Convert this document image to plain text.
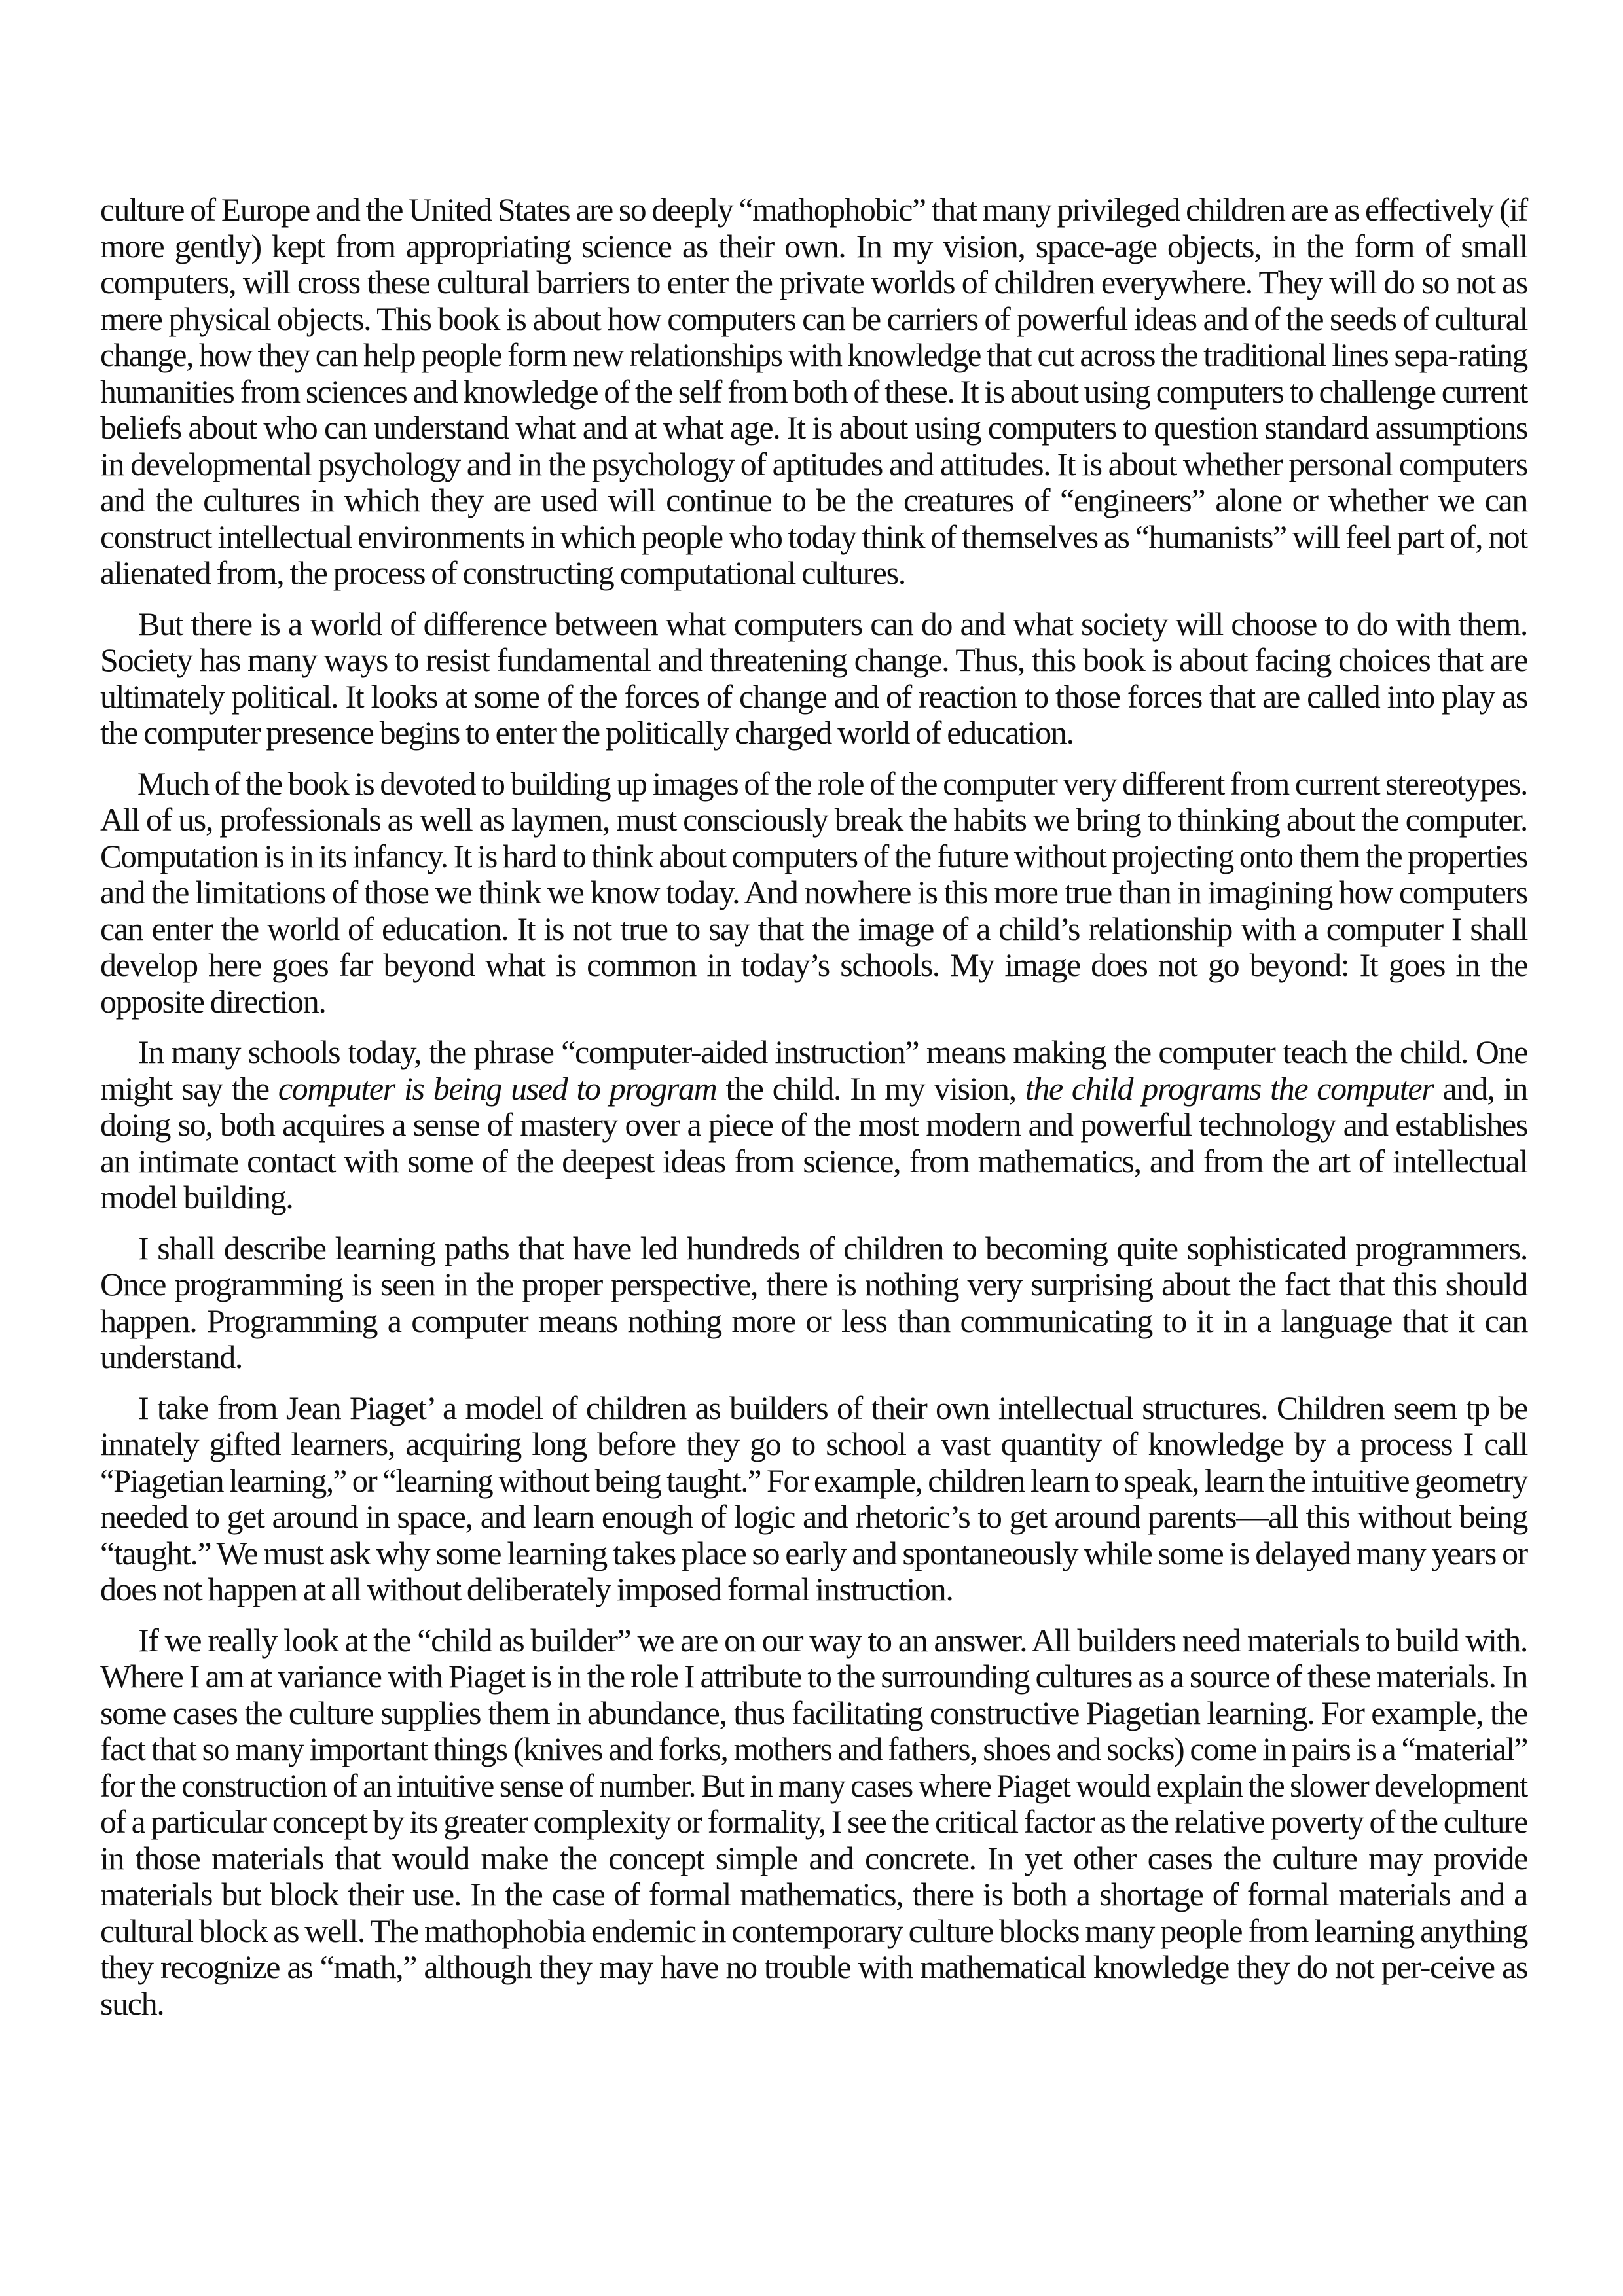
culture of Europe and the United States are so deeply “mathophobic” that many privileged children are as effectively (if
more gently) kept from appropriating science as their own. In my vision, space-age objects, in the form of small
computers, will cross these cultural barriers to enter the private worlds of children everywhere. They will do so not as
mere physical objects. This book is about how computers can be carriers of powerful ideas and of the seeds of cultural
change, how they can help people form new relationships with knowledge that cut across the traditional lines sepa-rating
humanities from sciences and knowledge of the self from both of these. It is about using computers to challenge current
beliefs about who can understand what and at what age. It is about using computers to question standard assumptions
in developmental psychology and in the psychology of aptitudes and attitudes. It is about whether personal computers
and the cultures in which they are used will continue to be the creatures of “engineers” alone or whether we can
construct intellectual environments in which people who today think of themselves as “humanists” will feel part of, not
alienated from, the process of constructing computational cultures.
But there is a world of difference between what computers can do and what society will choose to do with them.
Society has many ways to resist fundamental and threatening change. Thus, this book is about facing choices that are
ultimately political. It looks at some of the forces of change and of reaction to those forces that are called into play as
the computer presence begins to enter the politically charged world of education.
Much of the book is devoted to building up images of the role of the computer very different from current stereotypes.
All of us, professionals as well as laymen, must consciously break the habits we bring to thinking about the computer.
Computation is in its infancy. It is hard to think about computers of the future without projecting onto them the properties
and the limitations of those we think we know today. And nowhere is this more true than in imagining how computers
can enter the world of education. It is not true to say that the image of a child’s relationship with a computer I shall
develop here goes far beyond what is common in today’s schools. My image does not go beyond: It goes in the
opposite direction.
In many schools today, the phrase “computer-aided instruction” means making the computer teach the child. One
might say the computer is being used to program the child. In my vision, the child programs the computer and, in
doing so, both acquires a sense of mastery over a piece of the most modern and powerful technology and establishes
an intimate contact with some of the deepest ideas from science, from mathematics, and from the art of intellectual
model building.
I shall describe learning paths that have led hundreds of children to becoming quite sophisticated programmers.
Once programming is seen in the proper perspective, there is nothing very surprising about the fact that this should
happen. Programming a computer means nothing more or less than communicating to it in a language that it can
understand.
I take from Jean Piaget’ a model of children as builders of their own intellectual structures. Children seem tp be
innately gifted learners, acquiring long before they go to school a vast quantity of knowledge by a process I call
“Piagetian learning,” or “learning without being taught.” For example, children learn to speak, learn the intuitive geometry
needed to get around in space, and learn enough of logic and rhetoric’s to get around parents—all this without being
“taught.” We must ask why some learning takes place so early and spontaneously while some is delayed many years or
does not happen at all without deliberately imposed formal instruction.
If we really look at the “child as builder” we are on our way to an answer. All builders need materials to build with.
Where I am at variance with Piaget is in the role I attribute to the surrounding cultures as a source of these materials. In
some cases the culture supplies them in abundance, thus facilitating constructive Piagetian learning. For example, the
fact that so many important things (knives and forks, mothers and fathers, shoes and socks) come in pairs is a “material”
for the construction of an intuitive sense of number. But in many cases where Piaget would explain the slower development
of a particular concept by its greater complexity or formality, I see the critical factor as the relative poverty of the culture
in those materials that would make the concept simple and concrete. In yet other cases the culture may provide
materials but block their use. In the case of formal mathematics, there is both a shortage of formal materials and a
cultural block as well. The mathophobia endemic in contemporary culture blocks many people from learning anything
they recognize as “math,” although they may have no trouble with mathematical knowledge they do not per-ceive as
such.
